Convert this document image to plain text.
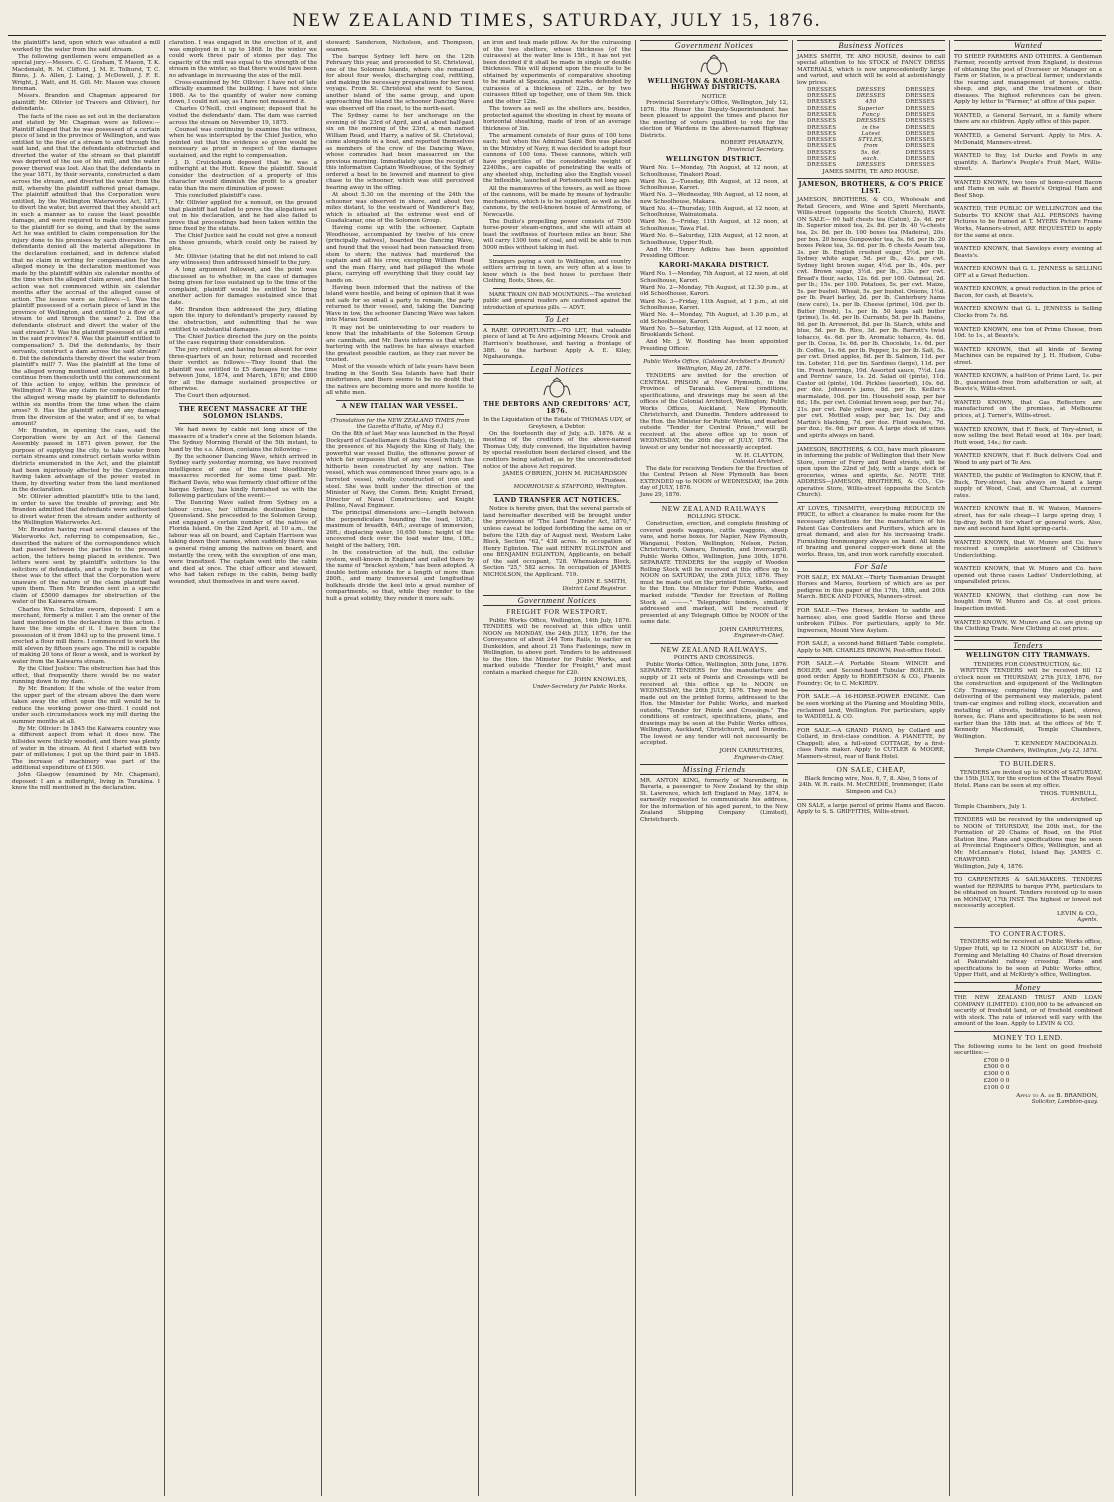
NEW ZEALAND TIMES, SATURDAY, JULY 15, 1876.

the plaintiff's land, upon which was situated a mill worked by the water from the said stream.

The following gentlemen were empanelled as a special jury:—Messrs. C. C. Graham, T. Mason, T. K. Macdonald, R. M. Clifford, J. M. E. Tolhurst, T. C. Binns, J. A. Allen, J. Laing, J. McDowell, J. F. E. Wright, J. Watt, and H. Gill. Mr. Mason was chosen foreman.

Messrs. Brandon and Chapman appeared for plaintiff; Mr. Ollivier (of Travers and Ollivier), for defendants.

The facts of the case as set out in the declaration and stated by Mr. Chapman were as follows:—Plaintiff alleged that he was possessed of a certain piece of land in the province of Wellington, and was entitled to the flow of a stream to and through the said land, and that the defendants obstructed and diverted the water of the stream so that plaintiff was deprived of the use of his mill, and the water power thereof was lost. Also that the defendants in the year 1871, by their servants, constructed a dam across the stream, and diverted the water from the mill, whereby the plaintiff suffered great damage. The plaintiff admitted that the Corporation were entitled, by the Wellington Waterworks Act, 1871, to divert the water, but averred that they should act in such a manner as to cause the least possible damage, and were required to make compensation to the plaintiff for so doing, and that by the same Act he was entitled to claim compensation for the injury done to his premises by such diversion. The defendants denied all the material allegations in the declaration contained, and in defence stated that no claim in writing for compensation for the alleged money in the declaration mentioned was made by the plaintiff within six calendar months of the time when the alleged claim arose, and that the action was not commenced within six calendar months after the accrual of the alleged cause of action. The issues were as follows:—1. Was the plaintiff possessed of a certain piece of land in the province of Wellington, and entitled to a flow of a stream to and through the same? 2. Did the defendants obstruct and divert the water of the said stream? 3. Was the plaintiff possessed of a mill in the said province? 4. Was the plaintiff entitled to compensation? 5. Did the defendants, by their servants, construct a dam across the said stream? 6. Did the defendants thereby divert the water from plaintiff's mill? 7. Was the plaintiff at the time of the alleged wrong mentioned entitled, and did he continue from thenceforth until the commencement of this action to enjoy, within the province of Wellington? 8. Was any claim for compensation for the alleged wrong made by plaintiff to defendants within six months from the time when the claim arose? 9. Has the plaintiff suffered any damage from the diversion of the water, and if so, to what amount?

Mr. Brandon, in opening the case, said the Corporation were by an Act of the General Assembly passed in 1871 given power, for the purpose of supplying the city, to take water from certain streams and construct certain works within districts enumerated in the Act, and the plaintiff had been injuriously affected by the Corporation having taken advantage of the power vested in them, by diverting water from the land mentioned in the declaration.

Mr. Ollivier admitted plaintiff's title to the land, in order to save the trouble of proving; and Mr. Brandon admitted that defendants were authorised to divert water from the stream under authority of the Wellington Waterworks Act.

Mr. Brandon having read several clauses of the Waterworks Act, referring to compensation, &c., described the nature of the correspondence which had passed between the parties to the present action, the letters being placed in evidence. Two letters were sent by plaintiff's solicitors to the solicitors of defendants, and a reply to the last of these was to the effect that the Corporation were unaware of the nature of the claim plaintiff had upon them. Then Mr. Brandon sent in a specific claim of £5000 damages for obstruction of the water of the Kaiwarra stream.

Charles Wm. Schultze sworn, deposed: I am a merchant, formerly a miller. I am the owner of the land mentioned in the declaration in this action. I have the fee simple of it. I have been in the possession of it from 1843 up to the present time. I erected a flour mill there. I commenced to work the mill eleven by fifteen years ago. The mill is capable of making 20 tons of flour a week, and is worked by water from the Kaiwarra stream.

By the Chief Justice: The obstruction has had this effect, that frequently there would be no water running down to my dam.

By Mr. Brandon: If the whole of the water from the upper part of the stream above the dam were taken away the effect upon the mill would be to reduce the working power one-third. I could not under such circumstances work my mill during the summer months at all.

By Mr. Ollivier: In 1845 the Kaiwarra country was a different aspect from what it does now. The hillsides were thickly wooded, and there was plenty of water in the stream. At first I started with two pair of millstones; I put up the third pair in 1845. The increase of machinery was part of the additional expenditure of £1500.

John Glasgow (examined by Mr. Chapman), deposed: I am a millwright, living in Turakina. I know the mill mentioned in the declaration.

claration. I was engaged in the erection of it, and was employed in it up to 1868. In the winter we could work three pair of stones per day. The capacity of the mill was equal to the strength of the stream in the winter, so that there would have been no advantage in increasing the size of the mill.

Cross-examined by Mr. Ollivier: I have not of late officially examined the building. I have not since 1868. As to the quantity of water now coming down, I could not say, as I have not measured it.

Charles O'Neill, civil engineer, deposed that he visited the defendants' dam. The dam was carried across the stream on November 19, 1875.

Counsel was continuing to examine the witness, when he was interrupted by the Chief Justice, who pointed out that the evidence so given would be necessary as proof in respect of the damages sustained, and the right to compensation.

J. D. Cruickshank deposed that he was a millwright at the Hutt. Knew the plaintiff. Should consider the destruction of a property of this character would diminish the profit to a greater ratio than the mere diminution of power.

This concluded plaintiff's case.

Mr. Ollivier applied for a nonsuit, on the ground that plaintiff had failed to prove the allegations set out in his declaration, and he had also failed to prove that proceedings had been taken within the time fixed by the statute.

The Chief Justice said he could not give a nonsuit on those grounds, which could only be raised by plea.

Mr. Ollivier (stating that he did not intend to call any witnesses) then addressed himself to the jury.

A long argument followed, and the point was discussed as to whether, in the case of damages being given for loss sustained up to the time of the complaint, plaintiff would be entitled to bring another action for damages sustained since that date.

Mr. Brandon then addressed the jury, dilating upon the injury to defendant's property caused by the obstruction, and submitting that he was entitled to substantial damages.

The Chief Justice directed the jury on the points of the case requiring their consideration.

The jury retired, and having been absent for over three-quarters of an hour, returned and recorded their verdict as follows:—They found that the plaintiff was entitled to £5 damages for the time between June, 1874, and March, 1876; and £800 for all the damage sustained prospective or otherwise.

The Court then adjourned.

THE RECENT MASSACRE AT THE SOLOMON ISLANDS.

We had news by cable not long since of the massacre of a trader's crew at the Solomon Islands. The Sydney Morning Herald of the 5th instant, to hand by the s.s. Albion, contains the following:—

By the schooner Dancing Wave, which arrived in Sydney early yesterday morning, we have received intelligence of one of the most bloodthirsty massacres recorded for some time past. Mr. Richard Davis, who was formerly chief officer of the barque Sydney, has kindly furnished us with the following particulars of the event:—

The Dancing Wave sailed from Sydney on a labour cruise, her ultimate destination being Queensland. She proceeded to the Solomon Group, and engaged a certain number of the natives of Florida Island. On the 22nd April, at 10 a.m., the labour was all on board, and Captain Harrison was taking down their names, when suddenly there was a general rising among the natives on board, and instantly the crew, with the exception of one man, were transfixed. The captain went into the cabin and died at once. The chief officer and steward, who had taken refuge in the cabin, being badly wounded, shut themselves in and were saved.

steward; Sanderson, Nicholson, and Thompson, seamen.

The barque Sydney left here on the 12th February this year, and proceeded to St. Christoval, one of the Solomon Islands, where she remained for about four weeks, discharging coal, refitting, and making the necessary preparations for her next voyage. From St. Christoval she went to Savoa, another island of the same group, and upon approaching the island the schooner Dancing Wave was observed off the coast, to the north-east.

The Sydney came to her anchorage on the evening of the 23rd of April, and at about half-past six on the morning of the 23rd, a man named William Read, and Harry, a native of St. Christoval, came alongside in a boat, and reported themselves as members of the crew of the Dancing Wave, whose comrades had been massacred on the previous morning. Immediately upon the receipt of this information Captain Woodhouse, of the Sydney ordered a boat to be lowered and manned to give chase to the schooner, which was still perceived bearing away in the offing.

At about 5.30 on the morning of the 24th the schooner was observed in shore, and about two miles distant, to the westward of Wanderer's Bay, which is situated at the extreme west end of Guadalcanar, one of the Solomon Group.

Having come up with the schooner, Captain Woodhouse, accompanied by twelve of his crew (principally natives), boarded the Dancing Wave, and found that the vessel had been ransacked from stem to stern; the natives had murdered the captain and all his crew, excepting William Read and the man Harry, and had pillaged the whole place, carrying off everything that they could lay hands on.

Having been informed that the natives of the island were hostile, and being of opinion that it was not safe for so small a party to remain, the party returned to their vessel, and, taking the Dancing Wave in tow, the schooner Dancing Wave was taken into Marau Sound.

It may not be uninteresting to our readers to know that the inhabitants of the Solomon Group are cannibals, and Mr. Davis informs us that when bartering with the natives he has always exacted the greatest possible caution, as they can never be trusted.

Most of the vessels which of late years have been trading in the South Sea Islands have had their misfortunes, and there seems to be no doubt that the natives are becoming more and more hostile to all white men.

A NEW ITALIAN WAR VESSEL.

(Translation for the NEW ZEALAND TIMES from the Gazetta d'Italia, of May 6.)

On the 8th of last May was launched in the Royal Dockyard of Castellamare di Stabia (South Italy), in the presence of his Majesty the King of Italy, the powerful war vessel Duilio, the offensive power of which far surpasses that of any vessel which has hitherto been constructed by any nation. The vessel, which was commenced three years ago, is a turreted vessel, wholly constructed of iron and steel. She was built under the direction of the Minister of Navy, the Comm. Brin; Knight Errand, Director of Naval Constructions; and Knight Pollino, Naval Engineer.

The principal dimensions are:—Length between the perpendiculars bounding the load, 103ft.; maximum of breadth, 64ft.; average of immersion, 26ft.; displacing water, 10,650 tons; height of the uncovered deck over the load water line, 10ft.; height of the battery, 16ft.

In the construction of the hull, the cellular system, well-known in England and called there by the name of "bracket system," has been adopted. A double bottom extends for a length of more than 280ft., and many transversal and longitudinal bulkheads divide the keel into a great number of compartments, so that, while they render to the hull a great solidity, they render it more safe.

an iron and teak made pillow. As for the cuirassing of the two shelters, whose thickness (of the cuirasses) at the water line is 15ft., it has not yet been decided if it shall be made in single or double thickness. This will depend upon the results to be obtained by experiments of comparative shooting to be made at Spezzia, against marks defended by cuirasses of a thickness of 22in., or by two cuirasses fitted up together, one of them 9in. thick and the other 12in.

The towers as well as the shelters are, besides, protected against the shooting in chest by means of horizontal sheathing, made of iron of an average thickness of 3in.

The armament consists of four guns of 100 tons each; but when the Admiral Saint Bon was placed in the Ministry of Navy, it was decided to adopt four cannons of 100 tons. These cannons, which will have projectiles of the considerable weight of 2240lbs., are capable of penetrating the walls of any sheeted ship, including also the English vessel the Inflexible, launched at Portsmouth not long ago.

All the manœuvres of the towers, as well as those of the cannons, will be made by means of hydraulic mechanisms, which is to be supplied, as well as the cannons, by the well-known house of Armstrong, of Newcastle.

The Duilio's propelling power consists of 7500 horse-power steam-engines, and she will attain at least the swiftness of fourteen miles an hour. She will carry 1300 tons of coal, and will be able to run 5000 miles without taking in fuel.

Strangers paying a visit to Wellington, and country settlers arriving in town, are very often at a loss to know which is the best house to purchase their Clothing, Boots, Shoes, &c.

MARK TWAIN ON BAD MOUNTAINS.—The wretched public and general readers are cautioned against the introduction of spurious pills. — ADVT.

To Let

A RARE OPPORTUNITY.—TO LET, that valuable piece of land at Te Aro adjoining Messrs. Crook and Harrison's boathouse, and having a frontage of 38ft. to the harbour. Apply A. E. Kiley, Ngahauranga.

Legal Notices
THE DEBTORS AND CREDITORS' ACT, 1876.

In the Liquidation of the Estate of THOMAS UDY, of Greytown, a Debtor.

On the fourteenth day of July, a.D. 1876. At a meeting of the creditors of the above-named Thomas Udy, duly convened, the liquidation having by special resolution been declared closed, and the creditors being satisfied, as by the uncontradicted notice of the above Act required.

JAMES O'BRIEN, JOHN M. RICHARDSON
Trustees.
MOORHOUSE & STAFFORD, Wellington.
LAND TRANSFER ACT NOTICES.

Notice is hereby given, that the several parcels of land hereinafter described will be brought under the provisions of "The Land Transfer Act, 1870," unless caveat be lodged forbidding the same on or before the 12th day of August next. Western Lake Block, Section "62," 438 acres. In occupation of Henry Eglinton. The said HENRY EGLINTON and one BENJAMIN EGLINTON, Applicants, on behalf of the said occupant, 728. Whenuakura Block, Section "25," 582 acres. In occupation of JAMES NICHOLSON, the Applicant. 719.

JOHN E. SMITH,
District Land Registrar.
Government Notices
FREIGHT FOR WESTPORT.

Public Works Office, Wellington, 14th July, 1876. TENDERS will be received at this office until NOON on MONDAY, the 24th JULY, 1876, for the Conveyance of about 244 Tons Rails, to earlier ex Dunkeldon, and about 21 Tons Fastenings, now in Wellington, to above port. Tenders to be addressed to the Hon. the Minister for Public Works, and marked outside "Tender for Freight," and must contain a marked cheque for £20.

JOHN KNOWLES,
Under-Secretary for Public Works.
Government Notices
WELLINGTON & KARORI-MAKARA HIGHWAY DISTRICTS.
NOTICE

Provincial Secretary's Office, Wellington, July 12, 1876. His Honor the Deputy-Superintendent has been pleased to appoint the times and places for the meeting of voters qualified to vote for the election of Wardens in the above-named Highway Districts.

ROBERT PHARAZYN,
Provincial Secretary.
WELLINGTON DISTRICT.

Ward No. 1—Monday, 7th August, at 12 noon, at Schoolhouse, Tinakori Road.

Ward No. 2—Tuesday, 8th August, at 12 noon, at Schoolhouse, Karori.

Ward No. 3—Wednesday, 9th August, at 12 noon, at new Schoolhouse, Makara.

Ward No. 4—Thursday, 10th August, at 12 noon, at Schoolhouse, Wainuiomata.

Ward No. 5—Friday, 11th August, at 12 noon, at Schoolhouse, Tawa Flat.

Ward No. 6—Saturday, 12th August, at 12 noon, at Schoolhouse, Upper Hutt.

And Mr. Henry Adkins has been appointed Presiding Officer.

KARORI-MAKARA DISTRICT.

Ward No. 1—Monday, 7th August, at 12 noon, at old Schoolhouse, Karori.

Ward No. 2—Monday, 7th August, at 12.30 p.m., at old Schoolhouse, Karori.

Ward No. 3—Friday, 11th August, at 1 p.m., at old Schoolhouse, Karori.

Ward No. 4—Monday, 7th August, at 1.30 p.m., at old Schoolhouse, Karori.

Ward No. 5—Saturday, 12th August, at 12 noon, at Brooklands School.

And Mr. J. W. Rooding has been appointed Presiding Officer.

Public Works Office, (Colonial Architect's Branch) Wellington, May 26, 1876.

TENDERS are invited for the erection of CENTRAL PRISON at New Plymouth, in the Province of Taranaki. General conditions, specifications, and drawings may be seen at the offices of the Colonial Architect, Wellington; Public Works Offices, Auckland, New Plymouth, Christchurch, and Dunedin. Tenders addressed to the Hon. the Minister for Public Works, and marked outside "Tender for Central Prison," will be received at the above office up to noon of WEDNESDAY, the 26th day of JULY, 1876. The lowest or any tender not necessarily accepted.

W. H. CLAYTON,
Colonial Architect.

The date for receiving Tenders for the Erection of the Central Prison at New Plymouth has been EXTENDED up to NOON of WEDNESDAY, the 26th day of JULY, 1876.

June 29, 1876.

NEW ZEALAND RAILWAYS
ROLLING STOCK.

Construction, erection, and complete finishing of covered goods waggons, cattle waggons, sheep vans, and horse boxes, for Napier, New Plymouth, Wanganui, Foxton, Wellington, Nelson, Picton, Christchurch, Oamaru, Dunedin, and Invercargill. Public Works Office, Wellington, June 30th, 1876. SEPARATE TENDERS for the supply of Wooden Rolling Stock will be received at this office up to NOON on SATURDAY, the 29th JULY, 1876. They must be made out on the printed forms, addressed to the Hon. the Minister for Public Works, and marked outside "Tender for Erection of Rolling Stock at ———." Telegraphic tenders, similarly addressed and marked, will be received if presented at any Telegraph Office by NOON of the same date.

JOHN CARRUTHERS,
Engineer-in-Chief.
NEW ZEALAND RAILWAYS.
POINTS AND CROSSINGS.

Public Works Office, Wellington, 30th June, 1876. SEPARATE TENDERS for the manufacture and supply of 21 sets of Points and Crossings will be received at this office up to NOON on WEDNESDAY, the 26th JULY, 1876. They must be made out on the printed forms, addressed to the Hon. the Minister for Public Works, and marked outside, "Tender for Points and Crossings." The conditions of contract, specifications, plans, and drawings may be seen at the Public Works offices, Wellington, Auckland, Christchurch, and Dunedin. The lowest or any tender will not necessarily be accepted.

JOHN CARRUTHERS,
Engineer-in-Chief.
Missing Friends

MR. ANTON KING, formerly of Nuremberg, in Bavaria, a passenger to New Zealand by the ship St. Lawrence, which left England in May, 1874, is earnestly requested to communicate his address, for the information of his aged parent, to the New Zealand Shipping Company (Limited), Christchurch.

Business Notices

JAMES SMITH, TE ARO HOUSE, desires to call special attention to his STOCK of FANCY DRESS MATERIALS, which is now unprecedentedly large and varied, and which will be sold at astonishingly low prices.

DRESSES	DRESSES	DRESSES
DRESSES	DRESSES	DRESSES
DRESSES	450	DRESSES
DRESSES	Superior	DRESSES
DRESSES	Fancy	DRESSES
DRESSES	DRESSES	DRESSES
DRESSES	in the	DRESSES
DRESSES	Latest	DRESSES
DRESSES	STYLES,	DRESSES
DRESSES	from	DRESSES
DRESSES	5s. 6d.	DRESSES
DRESSES	each.	DRESSES
DRESSES	DRESSES	DRESSES
JAMES SMITH, TE ARO HOUSE.
JAMESON, BROTHERS, & CO'S PRICE LIST.

JAMESON, BROTHERS, & CO., Wholesale and Retail Grocers, and Wine and Spirit Merchants, Willis-street (opposite the Scotch Church), HAVE ON SALE— 60 half chests tea (Caton), 2s. 4d. per lb. Superior mixed tea, 2s. 8d. per lb. 40 ¼-chests tea, 2s. 8d. per lb. 100 boxes tea (Madeira), 20s. per box. 20 boxes Gunpowder tea, 3s. 6d. per lb. 20 boxes Pekoe tea, 3s. 6d. per lb. 6 chests Assam tea, 3s. per lb. English crushed sugar, 5½d. per lb. Sydney white sugar, 5d. per lb., 42s. per cwt. Sydney light brown sugar, 4½d. per lb., 40s. per cwt. Brown sugar, 3½d. per lb., 33s. per cwt. Bread's flour, sacks, 12s. 6d. per 100. Oatmeal, 2d. per lb.; 15s. per 100. Potatoes, 5s. per cwt. Maize, 5s. per bushel. Wheat, 5s. per bushel. Onions, 1½d. per lb. Pearl barley, 2d. per lb. Canterbury hams (new cure), 1s. per lb. Cheese (prime), 10d. per lb. Butter (fresh), 1s. per lb. 50 kegs salt butter (prime), 1s. 4d. per lb. Currants, 5d. per lb. Raisins, 9d. per lb. Arrowroot, 8d. per lb. Starch, white and blue, 5d. per lb. Rice, 3d. per lb. Barrett's twist tobacco, 4s. 6d. per lb. Aromatic tobacco, 4s. 6d. per lb. Cocoa, 1s. 6d. per lb. Chocolate, 1s. 6d. per lb. Coffee, 1s. 6d. per lb. Pepper, 1s. per lb. Salt, 5s. per cwt. Dried apples, 8d. per lb. Salmon, 11d. per tin. Lobster, 11d. per tin. Sardines (large), 11d. per tin. Fresh herrings, 10d. Assorted sauce, 7½d. Lea and Perrins' sauce, 1s. 2d. Salad oil (pints), 11d. Castor oil (pints), 10d. Pickles (assorted), 10s. 6d. per doz. Johnson's jams, 8d. per lb. Keiller's marmalade, 10d. per tin. Household soap, per bar 6d.; 18s. per cwt. Colonial brown soap, per bar, 7d.; 21s. per cwt. Pale yellow soap, per bar, 9d.; 25s. per cwt. Mottled soap, per bar, 1s. Day and Martin's blacking, 7d. per doz. Fluid washes, 7d. per doz.; 6s. 6d. per gross. A large stock of wines and spirits always on hand.

JAMESON, BROTHERS, & CO., have much pleasure in informing the public of Wellington that their New Store, corner of Ferry and Bond streets, will be open upon the 22nd of July, with a large stock of groceries, wines and spirits, &c. NOTE THE ADDRESS—JAMESON, BROTHERS, & CO., Co-operative Store, Willis-street (opposite the Scotch Church).

AT LOVES, TINSMITH, everything REDUCED IN PRICE, to effect a clearance to make room for the necessary alterations for the manufacture of his Patent Gas Controllers and Purifiers, which are in great demand, and also for his increasing trade. Furnishing Ironmongery always on hand. All kinds of brazing and general copper-work done at the works. Brass, tin, and iron work carefully executed.

For Sale

FOR SALE, EX MALAY.—Thirty Tasmanian Draught Horses and Mares, fourteen of which are as per pedigree in this paper of the 17th, 18th, and 20th March. BECK AND FONKS, Manners-street.

FOR SALE.—Two Horses, broken to saddle and harness; also, one good Saddle Horse and three unbroken Fillies. For particulars, apply to Mr. Ingwersen, Mount View Asylum.

FOR SALE, a second-hand Billiard Table complete. Apply to MR. CHARLES BROWN, Post-office Hotel.

FOR SALE.—A Portable Steam WINCH and BOILER; and Second-hand Tubular BOILER. In good order. Apply to ROBERTSON & CO., Phœnix Foundry; Or, to C. McKIRDY.

FOR SALE.—A 16-HORSE-POWER ENGINE. Can be seen working at the Planing and Moulding Mills, reclaimed land, Wellington. For particulars, apply to WADDELL & CO.

FOR SALE.—A GRAND PIANO, by Collard and Collard, in first-class condition. A PIANETTE, by Chappell; also, a full-sized COTTAGE, by a first-class Paris maker. Apply to CUTLER & MOORE, Manners-street, rear of Bank Hotel.

ON SALE, CHEAP,

Black fencing wire, Nos. 6, 7, 8. Also, 5 tons of 24lb. W. R. rails. M. McCREDIE, Ironmonger, (Late Simpson and Co.)

ON SALE, a large parcel of prime Hams and Bacon. Apply to S. S. GRIFFITHS, Willis-street.

Wanted

TO SHEEP FARMERS AND OTHERS. A Gentleman Farmer, recently arrived from England, is desirous of obtaining the post of Overseer or Manager on a Farm or Station, is a practical farmer, understands the rearing and management of horses, cattle, sheep, and pigs, and the treatment of their diseases. The highest references can be given. Apply by letter to "Farmer," at office of this paper.

WANTED, a General Servant, in a family where there are no children. Apply office of this paper.

WANTED, a General Servant. Apply to Mrs. A. McDonald, Manners-street.

WANTED to Buy, 1st Ducks and Fowls in any quantity. A. Barlow's People's Fruit Mart, Willis-street.

WANTED KNOWN, two tons of home-cured Bacon and Hams on sale at Beavis's Original Ham and Beef Shop.

WANTED, THE PUBLIC OF WELLINGTON and the Suburbs TO KNOW that ALL PERSONS having Pictures to be framed at T. MYERS Picture Frame Works, Manners-street, ARE REQUESTED to apply for the same at once.

WANTED KNOWN, that Saveloys every evening at Beavis's.

WANTED KNOWN that G. L. JENNESS is SELLING OFF at a Great Reduction.

WANTED KNOWN, a great reduction in the price of Bacon, for cash, at Beavis's.

WANTED KNOWN that G. L. JENNESS is Selling Clocks from 7s. 6d.

WANTED KNOWN, one ton of Prime Cheese, from 10d. to 1s., at Beavis's.

WANTED KNOWN, that all kinds of Sewing Machines can be repaired by J. H. Hudson, Cuba-street.

WANTED KNOWN, a half-ton of Prime Lard, 1s. per lb., guaranteed free from adulteration or salt, at Beavis's, Willis-street.

WANTED KNOWN, that Gas Reflectors are manufactured on the premises, at Melbourne prices, at J. Turner's, Willis-street.

WANTED KNOWN, that F. Buck, of Tory-street, is now selling the best Retail wood at 16s. per load; Hutt wood, 14s.; for cash.

WANTED KNOWN, that F. Buck delivers Coal and Wood to any part of Te Aro.

WANTED, the public of Wellington to KNOW, that F. Buck, Tory-street, has always on hand a large supply of Wood, Coal, and Charcoal, at current rates.

WANTED KNOWN that B. W. Watson, Manners-street, has for sale cheap—1 large spring dray, 1 tip-dray, both fit for wharf or general work. Also, new and second hand light spring-carts.

WANTED KNOWN, that W. Munro and Co. have received a complete assortment of Children's Underclothing.

WANTED KNOWN, that W. Munro and Co. have opened out three cases Ladies' Underclothing, at unparalleled prices.

WANTED KNOWN, that clothing can now be bought from W. Munro and Co. at cost prices. Inspection invited.

WANTED KNOWN, W. Munro and Co. are giving up the Clothing Trade. New Clothing at cost price.

Tenders
WELLINGTON CITY TRAMWAYS.
TENDERS FOR CONSTRUCTION, &c.

WRITTEN TENDERS will be received till 12 o'clock noon on THURSDAY, 27th JULY, 1876, for the construction and equipment of the Wellington City Tramway, comprising the supplying and delivering of the permanent way materials, patent tram-car engines and rolling stock, excavation and metalling of streets, buildings, plant, stores, horses, &c. Plans and specifications to be seen not earlier than the 18th inst. at the offices of Mr. T. Kennedy Macdonald, Temple Chambers, Wellington.

T. KENNEDY MACDONALD.
Temple Chambers, Wellington, July 12, 1876.
TO BUILDERS.

TENDERS are invited up to NOON of SATURDAY, the 15th JULY, for the erection of the Theatre Royal Hotel. Plans can be seen at my office.

THOS. TURNBULL,
Architect.

Temple Chambers, July 1.

TENDERS will be received by the undersigned up to NOON of THURSDAY, the 20th inst., for the Formation of 20 Chains of Road, on the Pilot Station line. Plans and specifications may be seen at Provincial Engineer's Office, Wellington, and at Mr. McLennan's Hotel, Island Bay. JAMES C. CRAWFORD.

Wellington, July 4, 1876.

TO CARPENTERS & SAILMAKERS. TENDERS wanted for REPAIRS to barque PYM, particulars to be obtained on board. Tenders received up to noon on MONDAY, 17th INST. The highest or lowest not necessarily accepted.

LEVIN & CO.,
Agents.
TO CONTRACTORS.

TENDERS will be received at Public Works office, Upper Hutt, up to 12 NOON on AUGUST 1st, for Forming and Metalling 40 Chains of Road diversion at Pakuratahi railway crossing. Plans and specifications to be seen at Public Works office, Upper Hutt, and at McKirdy's office, Wellington.

Money

THE NEW ZEALAND TRUST AND LOAN COMPANY (LIMITED). £100,000 to be advanced on security of freehold land, or of freehold combined with stock. The rate of interest will vary with the amount of the loan. Apply to LEVIN & CO.

MONEY TO LEND.

The following sums to be lent on good freehold securities:—

£700 0 0
£500 0 0
£300 0 0
£200 0 0
£100 0 0
Apply to A. de B. BRANDON,
Solicitor, Lambton-quay.
